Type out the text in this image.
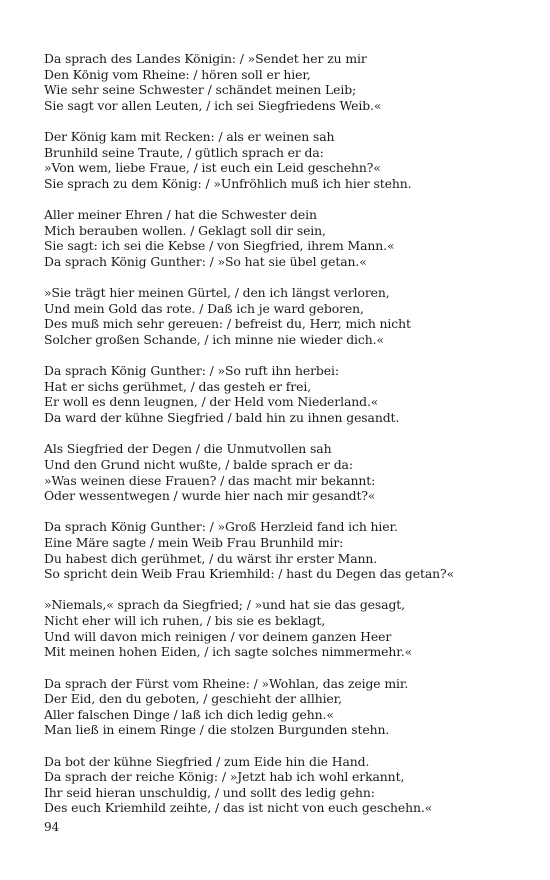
Da sprach des Landes Königin: / »Sendet her zu mir
Den König vom Rheine: / hören soll er hier,
Wie sehr seine Schwester / schändet meinen Leib;
Sie sagt vor allen Leuten, / ich sei Siegfriedens Weib.«
Der König kam mit Recken: / als er weinen sah
Brunhild seine Traute, / gütlich sprach er da:
»Von wem, liebe Fraue, / ist euch ein Leid geschehn?«
Sie sprach zu dem König: / »Unfröhlich muß ich hier stehn.
Aller meiner Ehren / hat die Schwester dein
Mich berauben wollen. / Geklagt soll dir sein,
Sie sagt: ich sei die Kebse / von Siegfried, ihrem Mann.«
Da sprach König Gunther: / »So hat sie übel getan.«
»Sie trägt hier meinen Gürtel, / den ich längst verloren,
Und mein Gold das rote. / Daß ich je ward geboren,
Des muß mich sehr gereuen: / befreist du, Herr, mich nicht
Solcher großen Schande, / ich minne nie wieder dich.«
Da sprach König Gunther: / »So ruft ihn herbei:
Hat er sichs gerühmet, / das gesteh er frei,
Er woll es denn leugnen, / der Held vom Niederland.«
Da ward der kühne Siegfried / bald hin zu ihnen gesandt.
Als Siegfried der Degen / die Unmutvollen sah
Und den Grund nicht wußte, / balde sprach er da:
»Was weinen diese Frauen? / das macht mir bekannt:
Oder wessentwegen / wurde hier nach mir gesandt?«
Da sprach König Gunther: / »Groß Herzleid fand ich hier.
Eine Märe sagte / mein Weib Frau Brunhild mir:
Du habest dich gerühmet, / du wärst ihr erster Mann.
So spricht dein Weib Frau Kriemhild: / hast du Degen das getan?«
»Niemals,« sprach da Siegfried; / »und hat sie das gesagt,
Nicht eher will ich ruhen, / bis sie es beklagt,
Und will davon mich reinigen / vor deinem ganzen Heer
Mit meinen hohen Eiden, / ich sagte solches nimmermehr.«
Da sprach der Fürst vom Rheine: / »Wohlan, das zeige mir.
Der Eid, den du geboten, / geschieht der allhier,
Aller falschen Dinge / laß ich dich ledig gehn.«
Man ließ in einem Ringe / die stolzen Burgunden stehn.
Da bot der kühne Siegfried / zum Eide hin die Hand.
Da sprach der reiche König: / »Jetzt hab ich wohl erkannt,
Ihr seid hieran unschuldig, / und sollt des ledig gehn:
Des euch Kriemhild zeihte, / das ist nicht von euch geschehn.«
94
